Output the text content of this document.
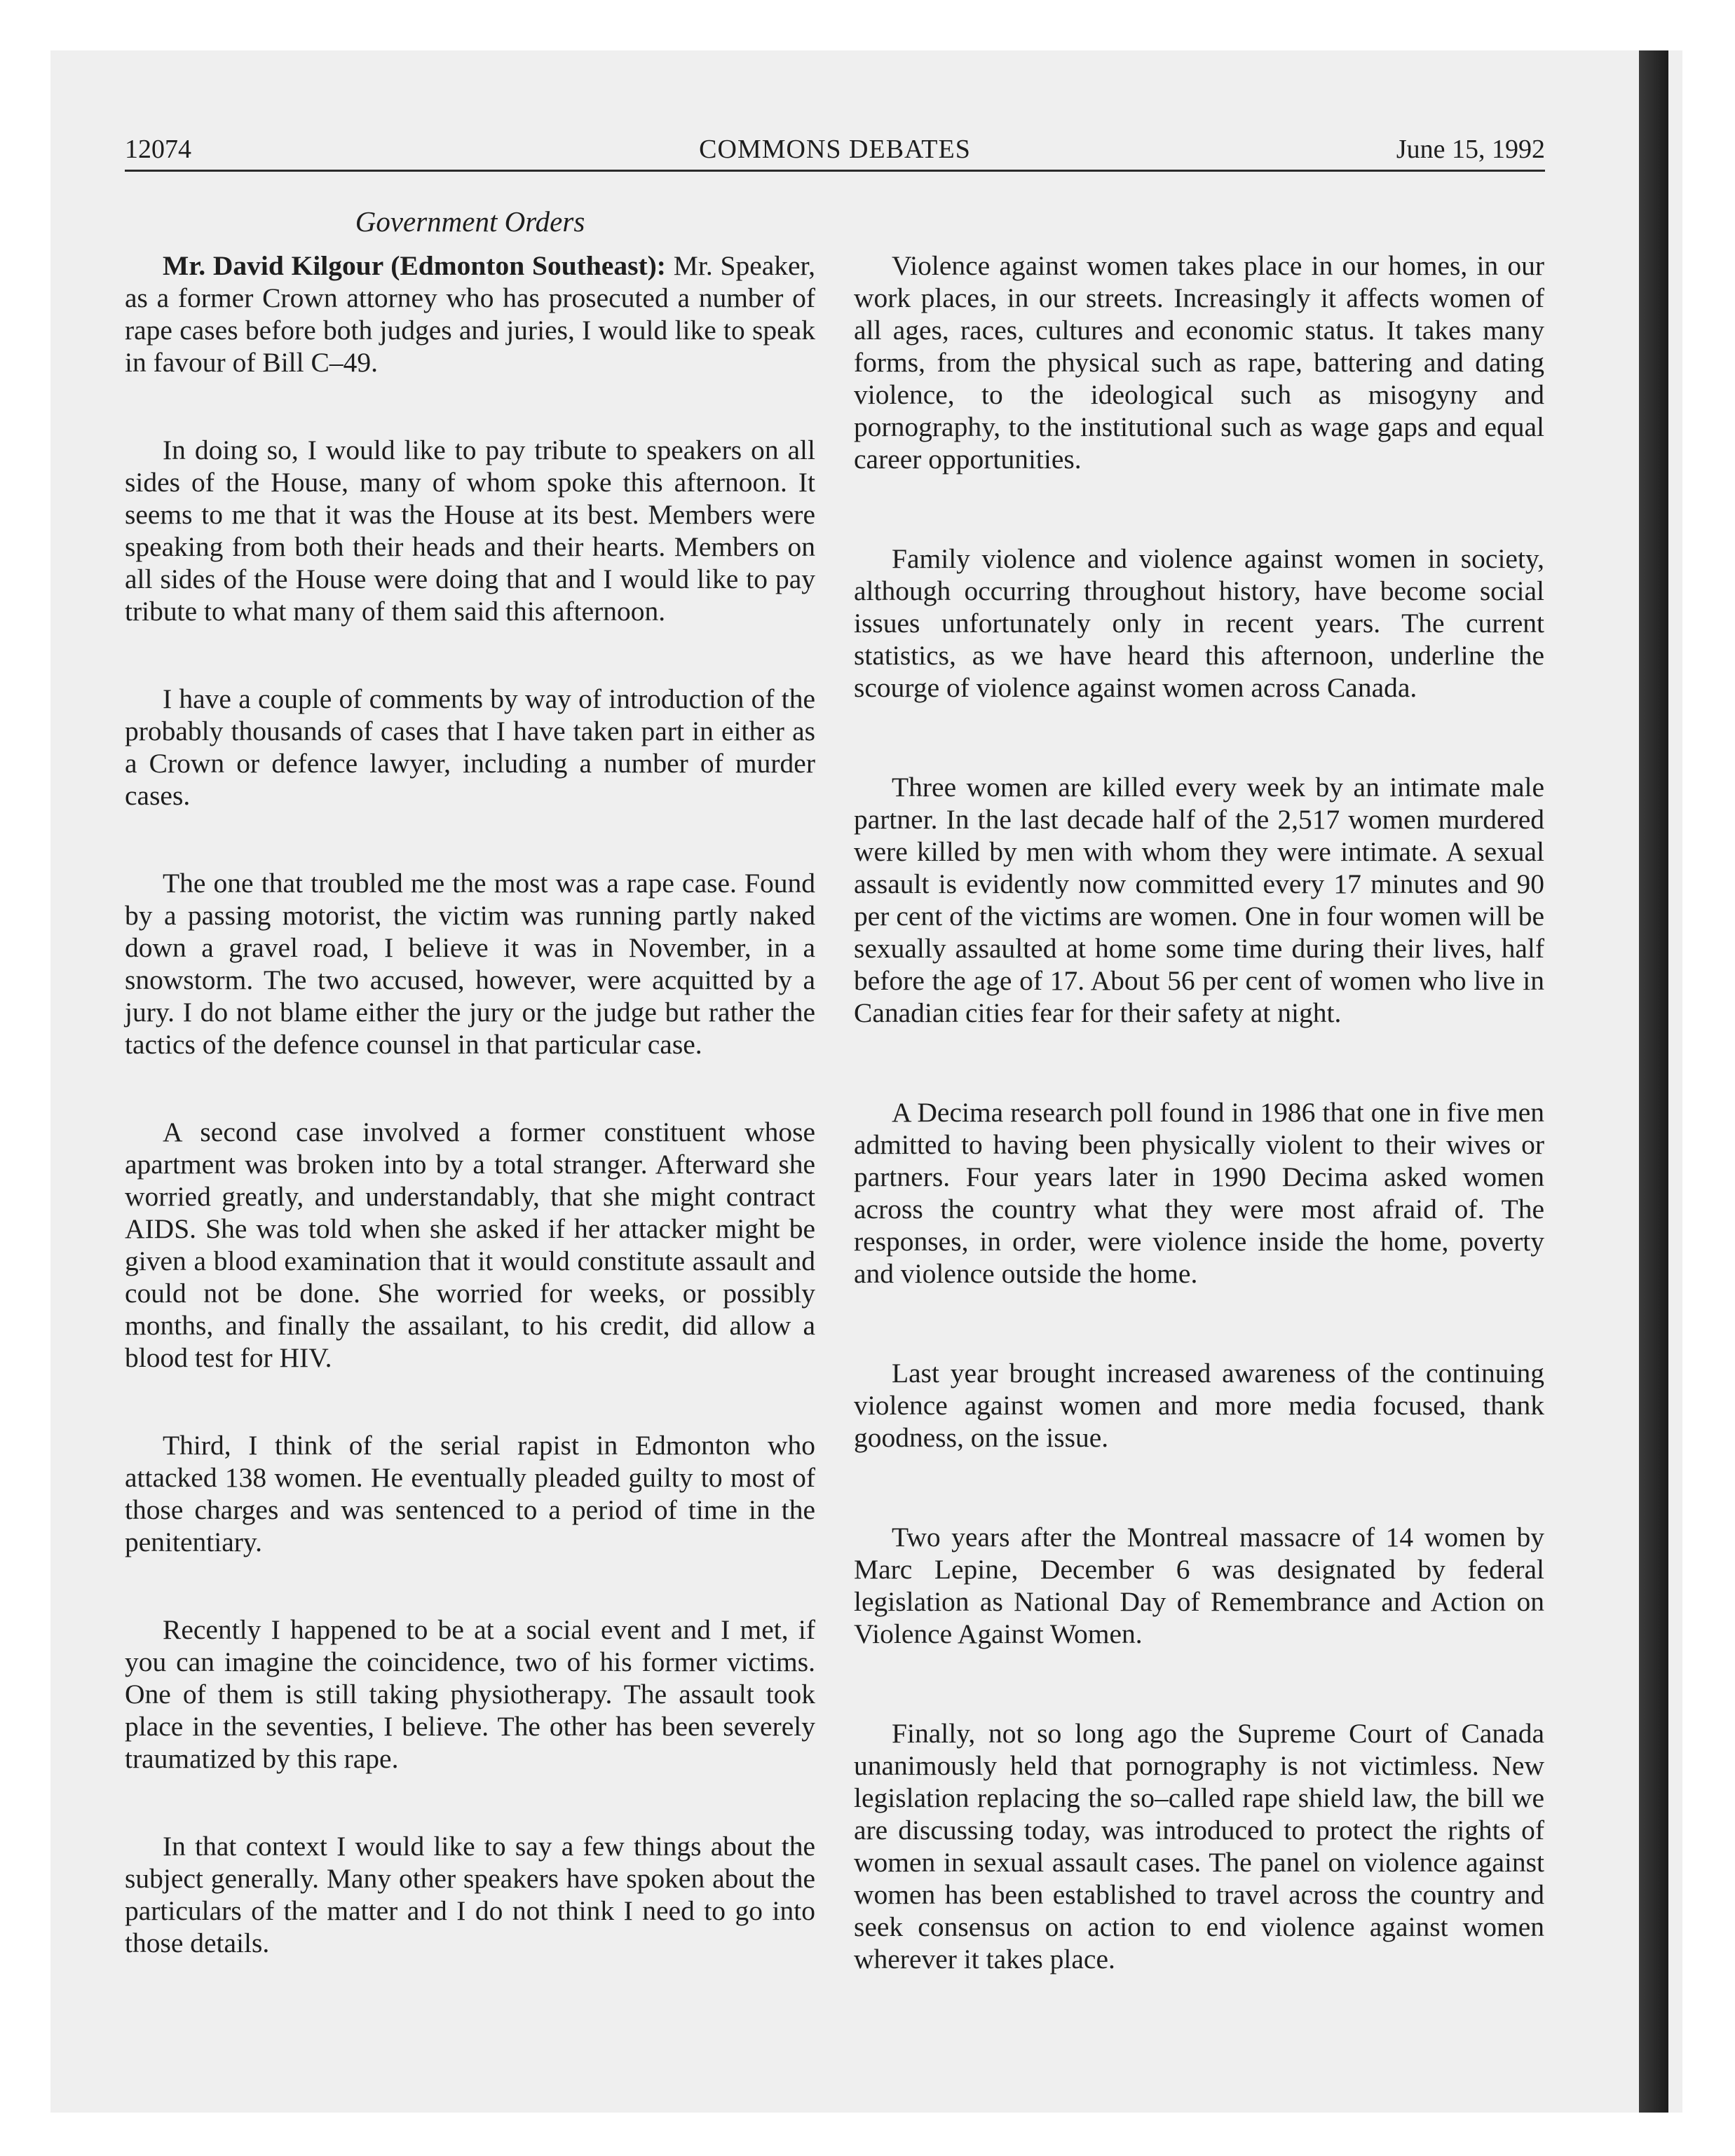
12074	COMMONS DEBATES	June 15, 1992
Government Orders

Mr. David Kilgour (Edmonton Southeast): Mr. Speaker, as a former Crown attorney who has prosecuted a number of rape cases before both judges and juries, I would like to speak in favour of Bill C–49.

In doing so, I would like to pay tribute to speakers on all sides of the House, many of whom spoke this afternoon. It seems to me that it was the House at its best. Members were speaking from both their heads and their hearts. Members on all sides of the House were doing that and I would like to pay tribute to what many of them said this afternoon.

I have a couple of comments by way of introduction of the probably thousands of cases that I have taken part in either as a Crown or defence lawyer, including a number of murder cases.

The one that troubled me the most was a rape case. Found by a passing motorist, the victim was running partly naked down a gravel road, I believe it was in November, in a snowstorm. The two accused, however, were acquitted by a jury. I do not blame either the jury or the judge but rather the tactics of the defence counsel in that particular case.

A second case involved a former constituent whose apartment was broken into by a total stranger. Afterward she worried greatly, and understandably, that she might contract AIDS. She was told when she asked if her attacker might be given a blood examination that it would constitute assault and could not be done. She worried for weeks, or possibly months, and finally the assailant, to his credit, did allow a blood test for HIV.

Third, I think of the serial rapist in Edmonton who attacked 138 women. He eventually pleaded guilty to most of those charges and was sentenced to a period of time in the penitentiary.

Recently I happened to be at a social event and I met, if you can imagine the coincidence, two of his former victims. One of them is still taking physiotherapy. The assault took place in the seventies, I believe. The other has been severely traumatized by this rape.

In that context I would like to say a few things about the subject generally. Many other speakers have spoken about the particulars of the matter and I do not think I need to go into those details.

Violence against women takes place in our homes, in our work places, in our streets. Increasingly it affects women of all ages, races, cultures and economic status. It takes many forms, from the physical such as rape, battering and dating violence, to the ideological such as misogyny and pornography, to the institutional such as wage gaps and equal career opportunities.

Family violence and violence against women in society, although occurring throughout history, have become social issues unfortunately only in recent years. The current statistics, as we have heard this afternoon, underline the scourge of violence against women across Canada.

Three women are killed every week by an intimate male partner. In the last decade half of the 2,517 women murdered were killed by men with whom they were intimate. A sexual assault is evidently now committed every 17 minutes and 90 per cent of the victims are women. One in four women will be sexually assaulted at home some time during their lives, half before the age of 17. About 56 per cent of women who live in Canadian cities fear for their safety at night.

A Decima research poll found in 1986 that one in five men admitted to having been physically violent to their wives or partners. Four years later in 1990 Decima asked women across the country what they were most afraid of. The responses, in order, were violence inside the home, poverty and violence outside the home.

Last year brought increased awareness of the continuing violence against women and more media focused, thank goodness, on the issue.

Two years after the Montreal massacre of 14 women by Marc Lepine, December 6 was designated by federal legislation as National Day of Remembrance and Action on Violence Against Women.

Finally, not so long ago the Supreme Court of Canada unanimously held that pornography is not victimless. New legislation replacing the so–called rape shield law, the bill we are discussing today, was introduced to protect the rights of women in sexual assault cases. The panel on violence against women has been established to travel across the country and seek consensus on action to end violence against women wherever it takes place.
